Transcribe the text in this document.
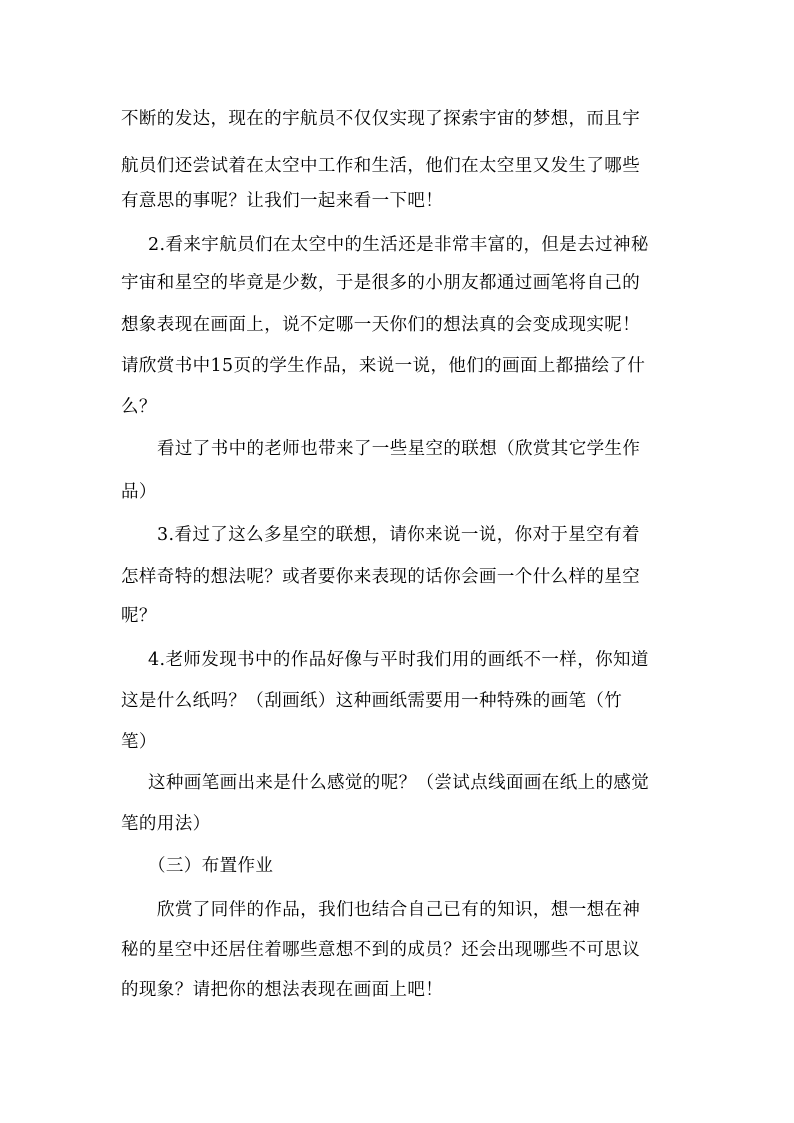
不断的发达，现在的宇航员不仅仅实现了探索宇宙的梦想，而且宇
航员们还尝试着在太空中工作和生活，他们在太空里又发生了哪些
有意思的事呢？让我们一起来看一下吧！
2.看来宇航员们在太空中的生活还是非常丰富的，但是去过神秘
宇宙和星空的毕竟是少数，于是很多的小朋友都通过画笔将自己的
想象表现在画面上，说不定哪一天你们的想法真的会变成现实呢！
请欣赏书中15页的学生作品，来说一说，他们的画面上都描绘了什
么？
看过了书中的老师也带来了一些星空的联想（欣赏其它学生作
品）
3.看过了这么多星空的联想，请你来说一说，你对于星空有着
怎样奇特的想法呢？或者要你来表现的话你会画一个什么样的星空
呢？
4.老师发现书中的作品好像与平时我们用的画纸不一样，你知道
这是什么纸吗？（刮画纸）这种画纸需要用一种特殊的画笔（竹
笔）
这种画笔画出来是什么感觉的呢？（尝试点线面画在纸上的感觉
笔的用法）
（三）布置作业
欣赏了同伴的作品，我们也结合自己已有的知识，想一想在神
秘的星空中还居住着哪些意想不到的成员？还会出现哪些不可思议
的现象？请把你的想法表现在画面上吧！
